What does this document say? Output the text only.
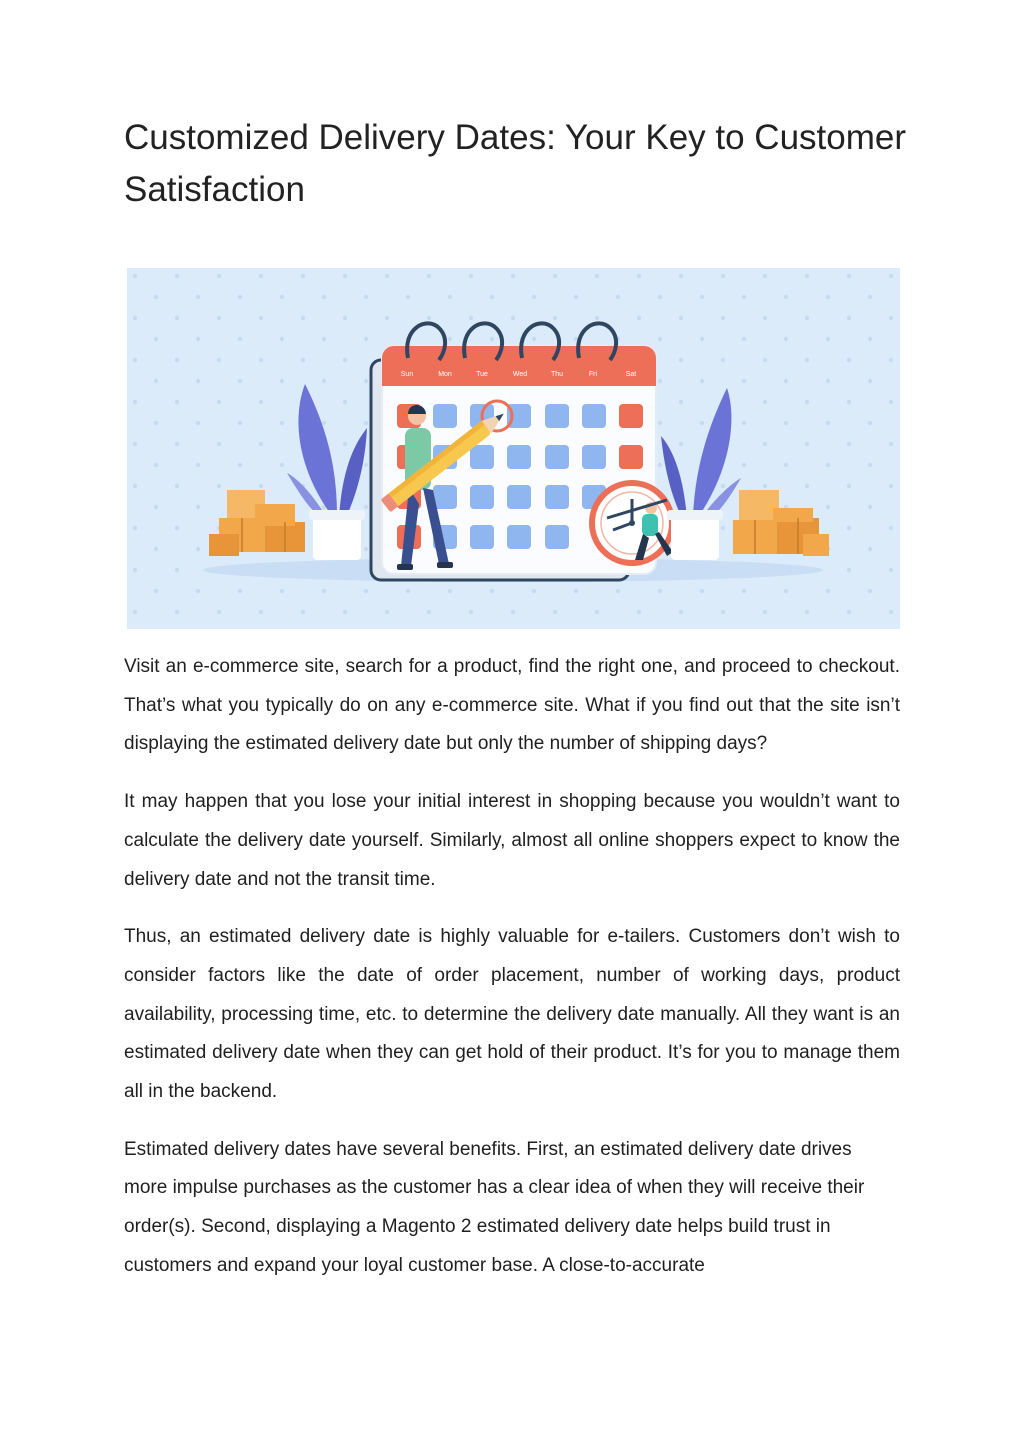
Customized Delivery Dates: Your Key to Customer Satisfaction
Sun	Mon	Tue	Wed	Thu	Fri	Sat

Visit an e-commerce site, search for a product, find the right one, and proceed to checkout. That’s what you typically do on any e-commerce site. What if you find out that the site isn’t displaying the estimated delivery date but only the number of shipping days?

It may happen that you lose your initial interest in shopping because you wouldn’t want to calculate the delivery date yourself. Similarly, almost all online shoppers expect to know the delivery date and not the transit time.

Thus, an estimated delivery date is highly valuable for e-tailers. Customers don’t wish to consider factors like the date of order placement, number of working days, product availability, processing time, etc. to determine the delivery date manually. All they want is an estimated delivery date when they can get hold of their product. It’s for you to manage them all in the backend.

Estimated delivery dates have several benefits. First, an estimated delivery date drives more impulse purchases as the customer has a clear idea of when they will receive their order(s). Second, displaying a Magento 2 estimated delivery date helps build trust in customers and expand your loyal customer base. A close-to-accurate
